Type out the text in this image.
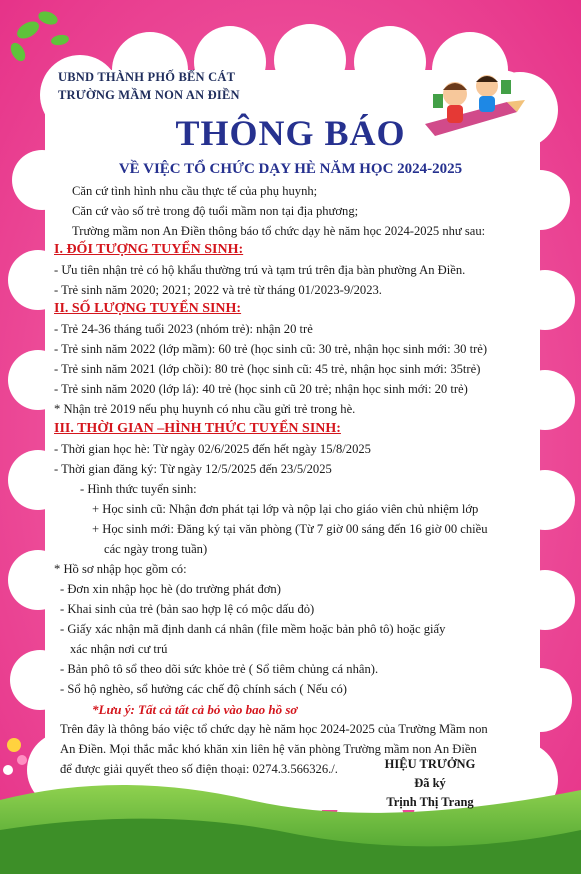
UBND THÀNH PHỐ BẾN CÁT
TRƯỜNG MẦM NON AN ĐIỀN
THÔNG BÁO
VỀ VIỆC TỔ CHỨC DẠY HÈ NĂM HỌC 2024-2025
Căn cứ tình hình nhu cầu thực tế của phụ huynh;
Căn cứ vào số trẻ trong độ tuổi mầm non tại địa phương;
Trường mầm non An Điền thông báo tổ chức dạy hè năm học 2024-2025 như sau:
I. ĐỐI TƯỢNG TUYỂN SINH:
- Ưu tiên nhận trẻ có hộ khẩu thường trú và tạm trú trên địa bàn phường An Điền.
- Trẻ sinh năm 2020; 2021; 2022 và trẻ từ tháng 01/2023-9/2023.
II. SỐ LƯỢNG TUYỂN SINH:
- Trẻ 24-36 tháng tuổi 2023 (nhóm trẻ): nhận 20 trẻ
- Trẻ sinh năm 2022 (lớp mầm): 60 trẻ (học sinh cũ: 30 trẻ, nhận học sinh mới: 30 trẻ)
- Trẻ sinh năm 2021 (lớp chồi): 80 trẻ (học sinh cũ: 45 trẻ, nhận học sinh mới: 35trẻ)
- Trẻ sinh năm 2020 (lớp lá): 40 trẻ (học sinh cũ 20 trẻ; nhận học sinh mới: 20 trẻ)
* Nhận trẻ 2019 nếu phụ huynh có nhu cầu gửi trẻ trong hè.
III. THỜI GIAN –HÌNH THỨC TUYỂN SINH:
- Thời gian học hè: Từ ngày 02/6/2025 đến hết ngày 15/8/2025
- Thời gian đăng ký: Từ ngày 12/5/2025 đến 23/5/2025
- Hình thức tuyển sinh:
+ Học sinh cũ: Nhận đơn phát tại lớp và nộp lại cho giáo viên chủ nhiệm lớp
+ Học sinh mới: Đăng ký tại văn phòng (Từ 7 giờ 00 sáng đến 16 giờ 00 chiều
các ngày trong tuần)
* Hồ sơ nhập học gồm có:
- Đơn xin nhập học hè (do trường phát đơn)
- Khai sinh của trẻ (bản sao hợp lệ có mộc dấu đỏ)
- Giấy xác nhận mã định danh cá nhân (file mềm hoặc bản phô tô) hoặc giấy
xác nhận nơi cư trú
- Bản phô tô sổ theo dõi sức khỏe trẻ ( Sổ tiêm chủng cá nhân).
- Sổ hộ nghèo, sổ hưởng các chế độ chính sách ( Nếu có)
*Lưu ý: Tất cả tất cả bỏ vào bao hồ sơ
Trên đây là thông báo việc tổ chức dạy hè năm học 2024-2025 của Trường Mầm non
An Điền. Mọi thắc mắc khó khăn xin liên hệ văn phòng Trường mầm non An Điền
để được giải quyết theo số điện thoại: 0274.3.566326./.	HIỆU TRƯỞNG
Đã ký
Trịnh Thị Trang
